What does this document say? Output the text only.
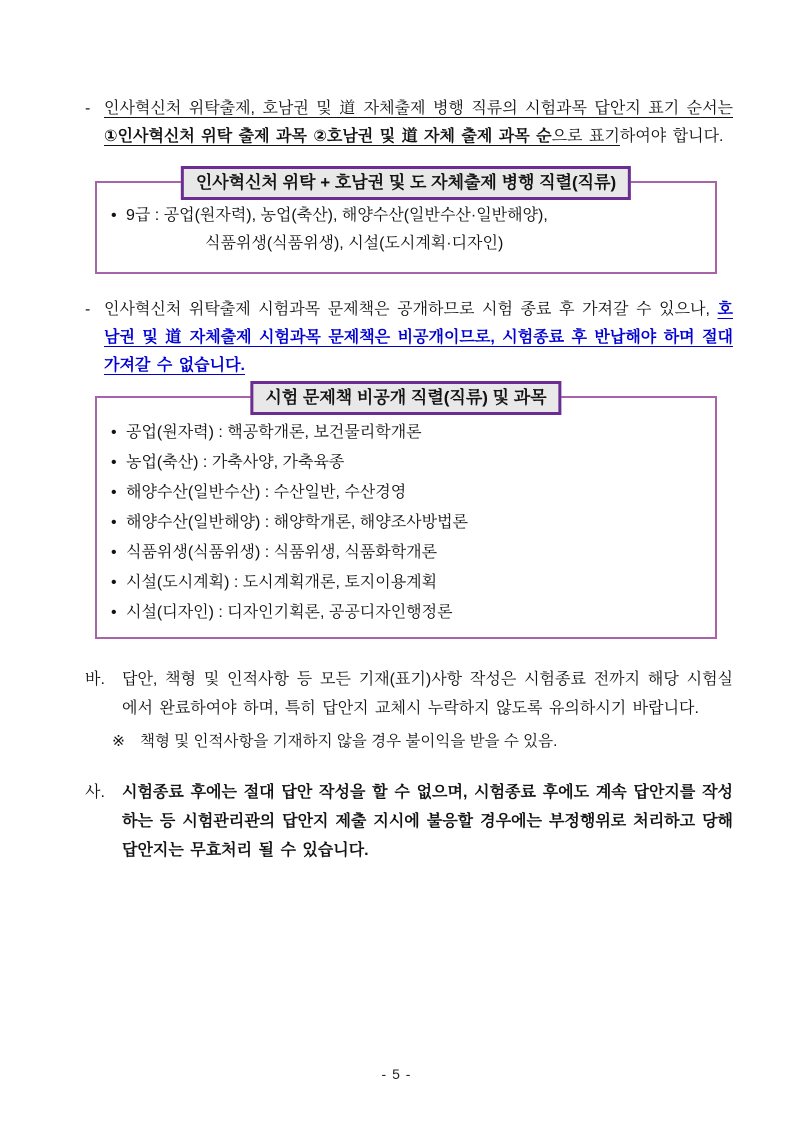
- 인사혁신처 위탁출제, 호남권 및 道 자체출제 병행 직류의 시험과목 답안지 표기 순서는 ①인사혁신처 위탁 출제 과목 ②호남권 및 道 자체 출제 과목 순으로 표기하여야 합니다.
인사혁신처 위탁 + 호남권 및 도 자체출제 병행 직렬(직류)
• 9급 : 공업(원자력), 농업(축산), 해양수산(일반수산·일반해양),
식품위생(식품위생), 시설(도시계획·디자인)
- 인사혁신처 위탁출제 시험과목 문제책은 공개하므로 시험 종료 후 가져갈 수 있으나, 호남권 및 道 자체출제 시험과목 문제책은 비공개이므로, 시험종료 후 반납해야 하며 절대 가져갈 수 없습니다.
시험 문제책 비공개 직렬(직류) 및 과목
• 공업(원자력) : 핵공학개론, 보건물리학개론
• 농업(축산) : 가축사양, 가축육종
• 해양수산(일반수산) : 수산일반, 수산경영
• 해양수산(일반해양) : 해양학개론, 해양조사방법론
• 식품위생(식품위생) : 식품위생, 식품화학개론
• 시설(도시계획) : 도시계획개론, 토지이용계획
• 시설(디자인) : 디자인기획론, 공공디자인행정론
바.	답안, 책형 및 인적사항 등 모든 기재(표기)사항 작성은 시험종료 전까지 해당 시험실에서 완료하여야 하며, 특히 답안지 교체시 누락하지 않도록 유의하시기 바랍니다.
※ 책형 및 인적사항을 기재하지 않을 경우 불이익을 받을 수 있음.
사.	시험종료 후에는 절대 답안 작성을 할 수 없으며, 시험종료 후에도 계속 답안지를 작성하는 등 시험관리관의 답안지 제출 지시에 불응할 경우에는 부정행위로 처리하고 당해 답안지는 무효처리 될 수 있습니다.
- 5 -
